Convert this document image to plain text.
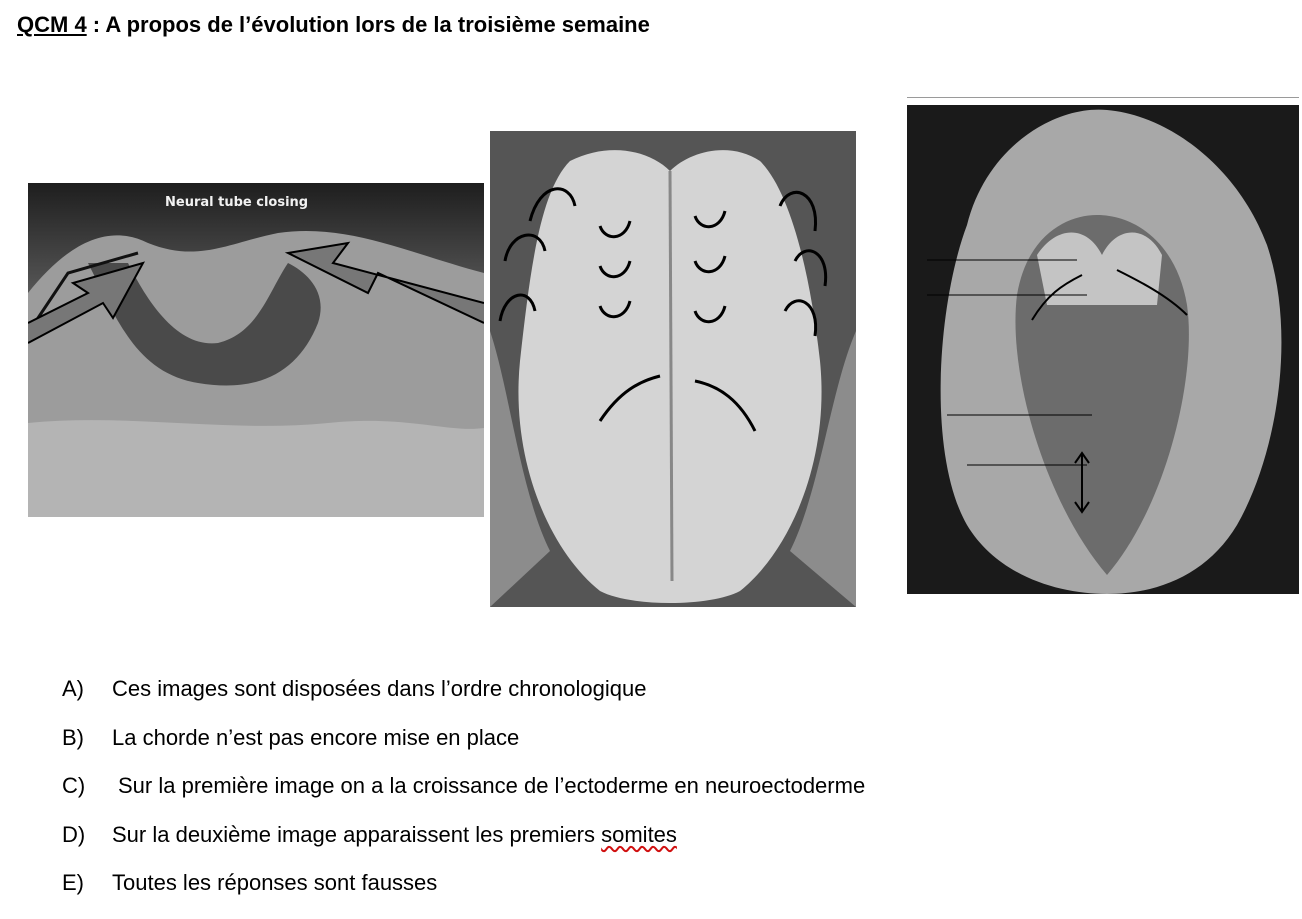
QCM 4 : A propos de l’évolution lors de la troisième semaine
Neural tube closing
A)	Ces images sont disposées dans l’ordre chronologique
B)	La chorde n’est pas encore mise en place
C)	Sur la première image on a la croissance de l’ectoderme en neuroectoderme
D)	Sur la deuxième image apparaissent les premiers somites
E)	Toutes les réponses sont fausses
